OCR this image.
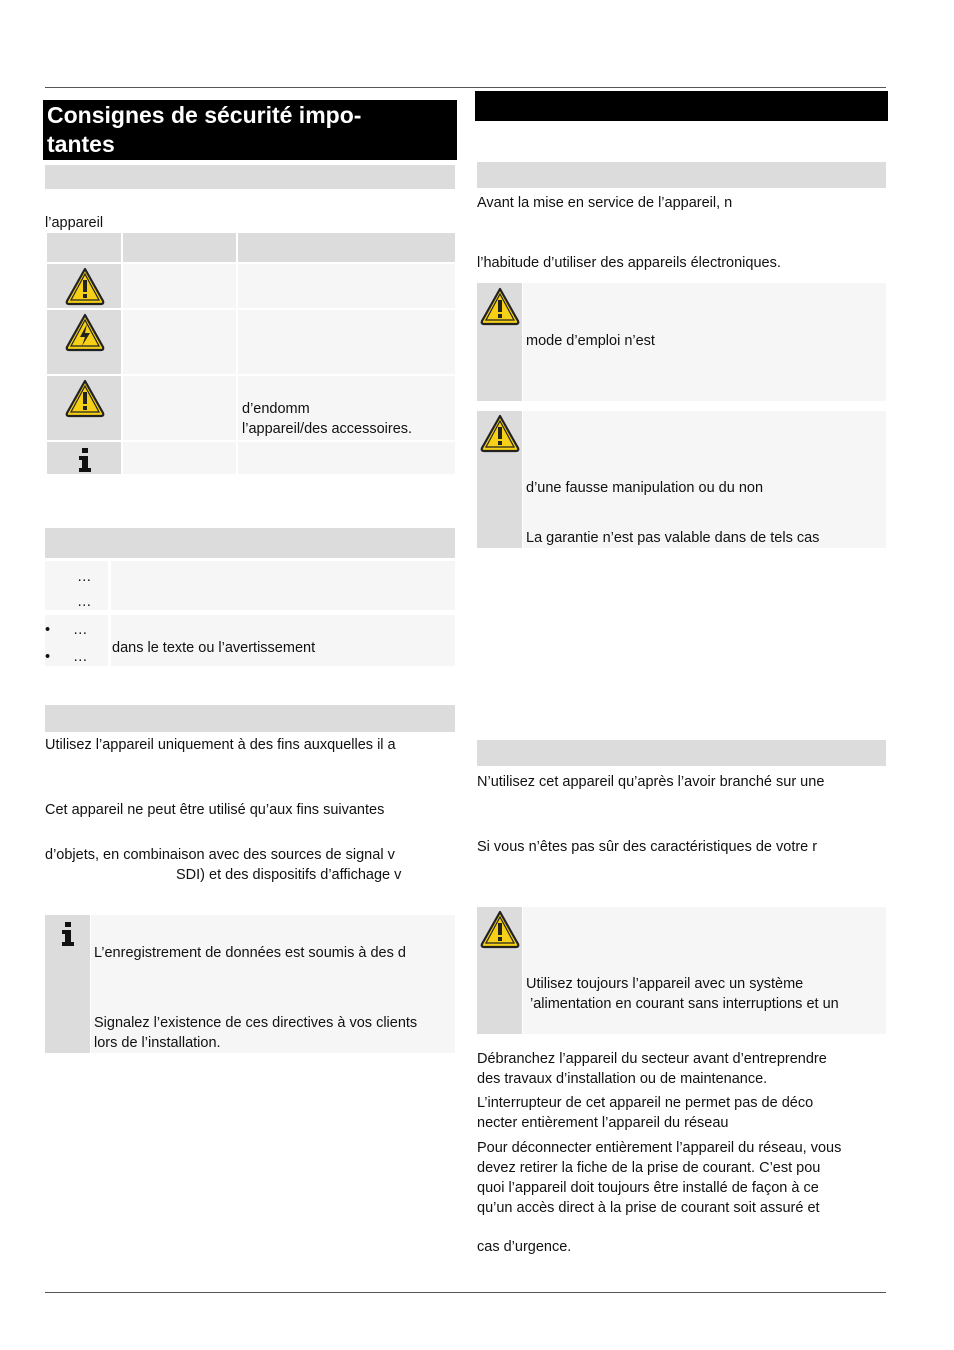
Consignes de sécurité impo-
tantes
l’appareil
d’endomm
l’appareil/des accessoires.
…
…
• …
• …
dans le texte ou l’avertissement
Utilisez l’appareil uniquement à des fins auxquelles il a
Cet appareil ne peut être utilisé qu’aux fins suivantes
d’objets, en combinaison avec des sources de signal v
SDI) et des dispositifs d’affichage v
L’enregistrement de données est soumis à des d
Signalez l’existence de ces directives à vos clients
lors de l’installation.
Avant la mise en service de l’appareil, n
l’habitude d’utiliser des appareils électroniques.
mode d’emploi n’est
d’une fausse manipulation ou du non
La garantie n’est pas valable dans de tels cas
N’utilisez cet appareil qu’après l’avoir branché sur une
Si vous n’êtes pas sûr des caractéristiques de votre r
Utilisez toujours l’appareil avec un système
’alimentation en courant sans interruptions et un
Débranchez l’appareil du secteur avant d’entreprendre
des travaux d’installation ou de maintenance.
L’interrupteur de cet appareil ne permet pas de déco
necter entièrement l’appareil du réseau
Pour déconnecter entièrement l’appareil du réseau, vous
devez retirer la fiche de la prise de courant. C’est pou
quoi l’appareil doit toujours être installé de façon à ce
qu’un accès direct à la prise de courant soit assuré et
cas d’urgence.
